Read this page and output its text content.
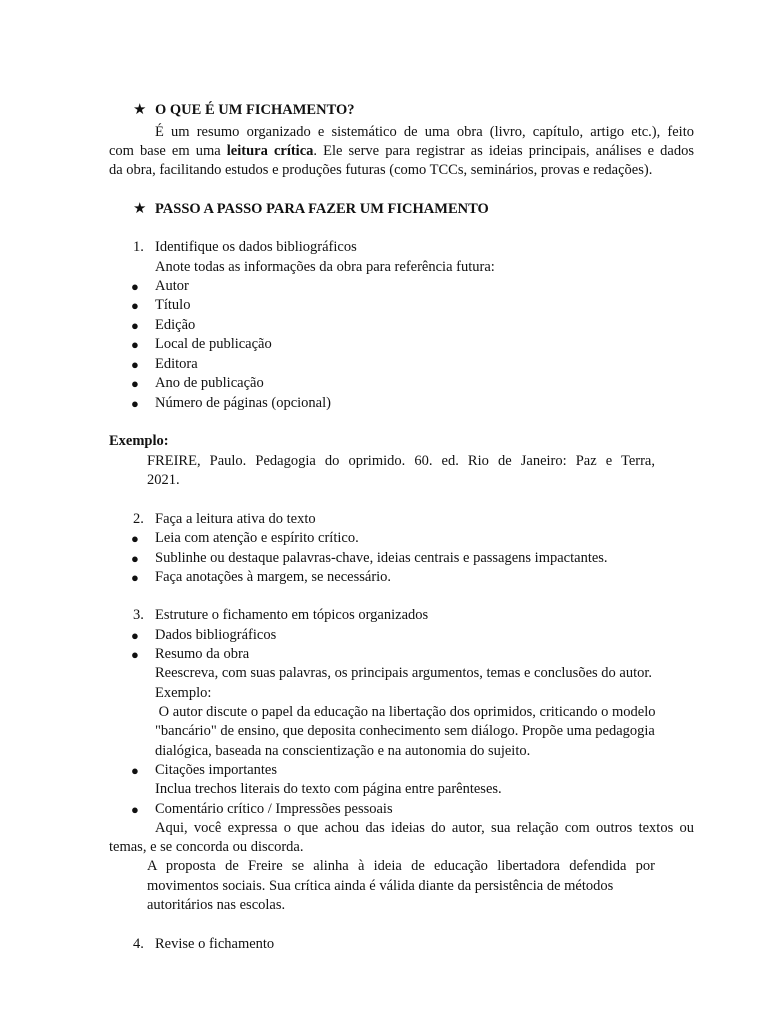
★ O QUE É UM FICHAMENTO?
É um resumo organizado e sistemático de uma obra (livro, capítulo, artigo etc.), feito
com base em uma leitura crítica. Ele serve para registrar as ideias principais, análises e dados
da obra, facilitando estudos e produções futuras (como TCCs, seminários, provas e redações).
★ PASSO A PASSO PARA FAZER UM FICHAMENTO
1. Identifique os dados bibliográficos
Anote todas as informações da obra para referência futura:
● Autor
● Título
● Edição
● Local de publicação
● Editora
● Ano de publicação
● Número de páginas (opcional)
Exemplo:
FREIRE, Paulo. Pedagogia do oprimido. 60. ed. Rio de Janeiro: Paz e Terra,
2021.
2. Faça a leitura ativa do texto
● Leia com atenção e espírito crítico.
● Sublinhe ou destaque palavras-chave, ideias centrais e passagens impactantes.
● Faça anotações à margem, se necessário.
3. Estruture o fichamento em tópicos organizados
● Dados bibliográficos
● Resumo da obra
Reescreva, com suas palavras, os principais argumentos, temas e conclusões do autor.
Exemplo:
O autor discute o papel da educação na libertação dos oprimidos, criticando o modelo
"bancário" de ensino, que deposita conhecimento sem diálogo. Propõe uma pedagogia
dialógica, baseada na conscientização e na autonomia do sujeito.
● Citações importantes
Inclua trechos literais do texto com página entre parênteses.
● Comentário crítico / Impressões pessoais
Aqui, você expressa o que achou das ideias do autor, sua relação com outros textos ou
temas, e se concorda ou discorda.
A proposta de Freire se alinha à ideia de educação libertadora defendida por
movimentos sociais. Sua crítica ainda é válida diante da persistência de métodos
autoritários nas escolas.
4. Revise o fichamento
